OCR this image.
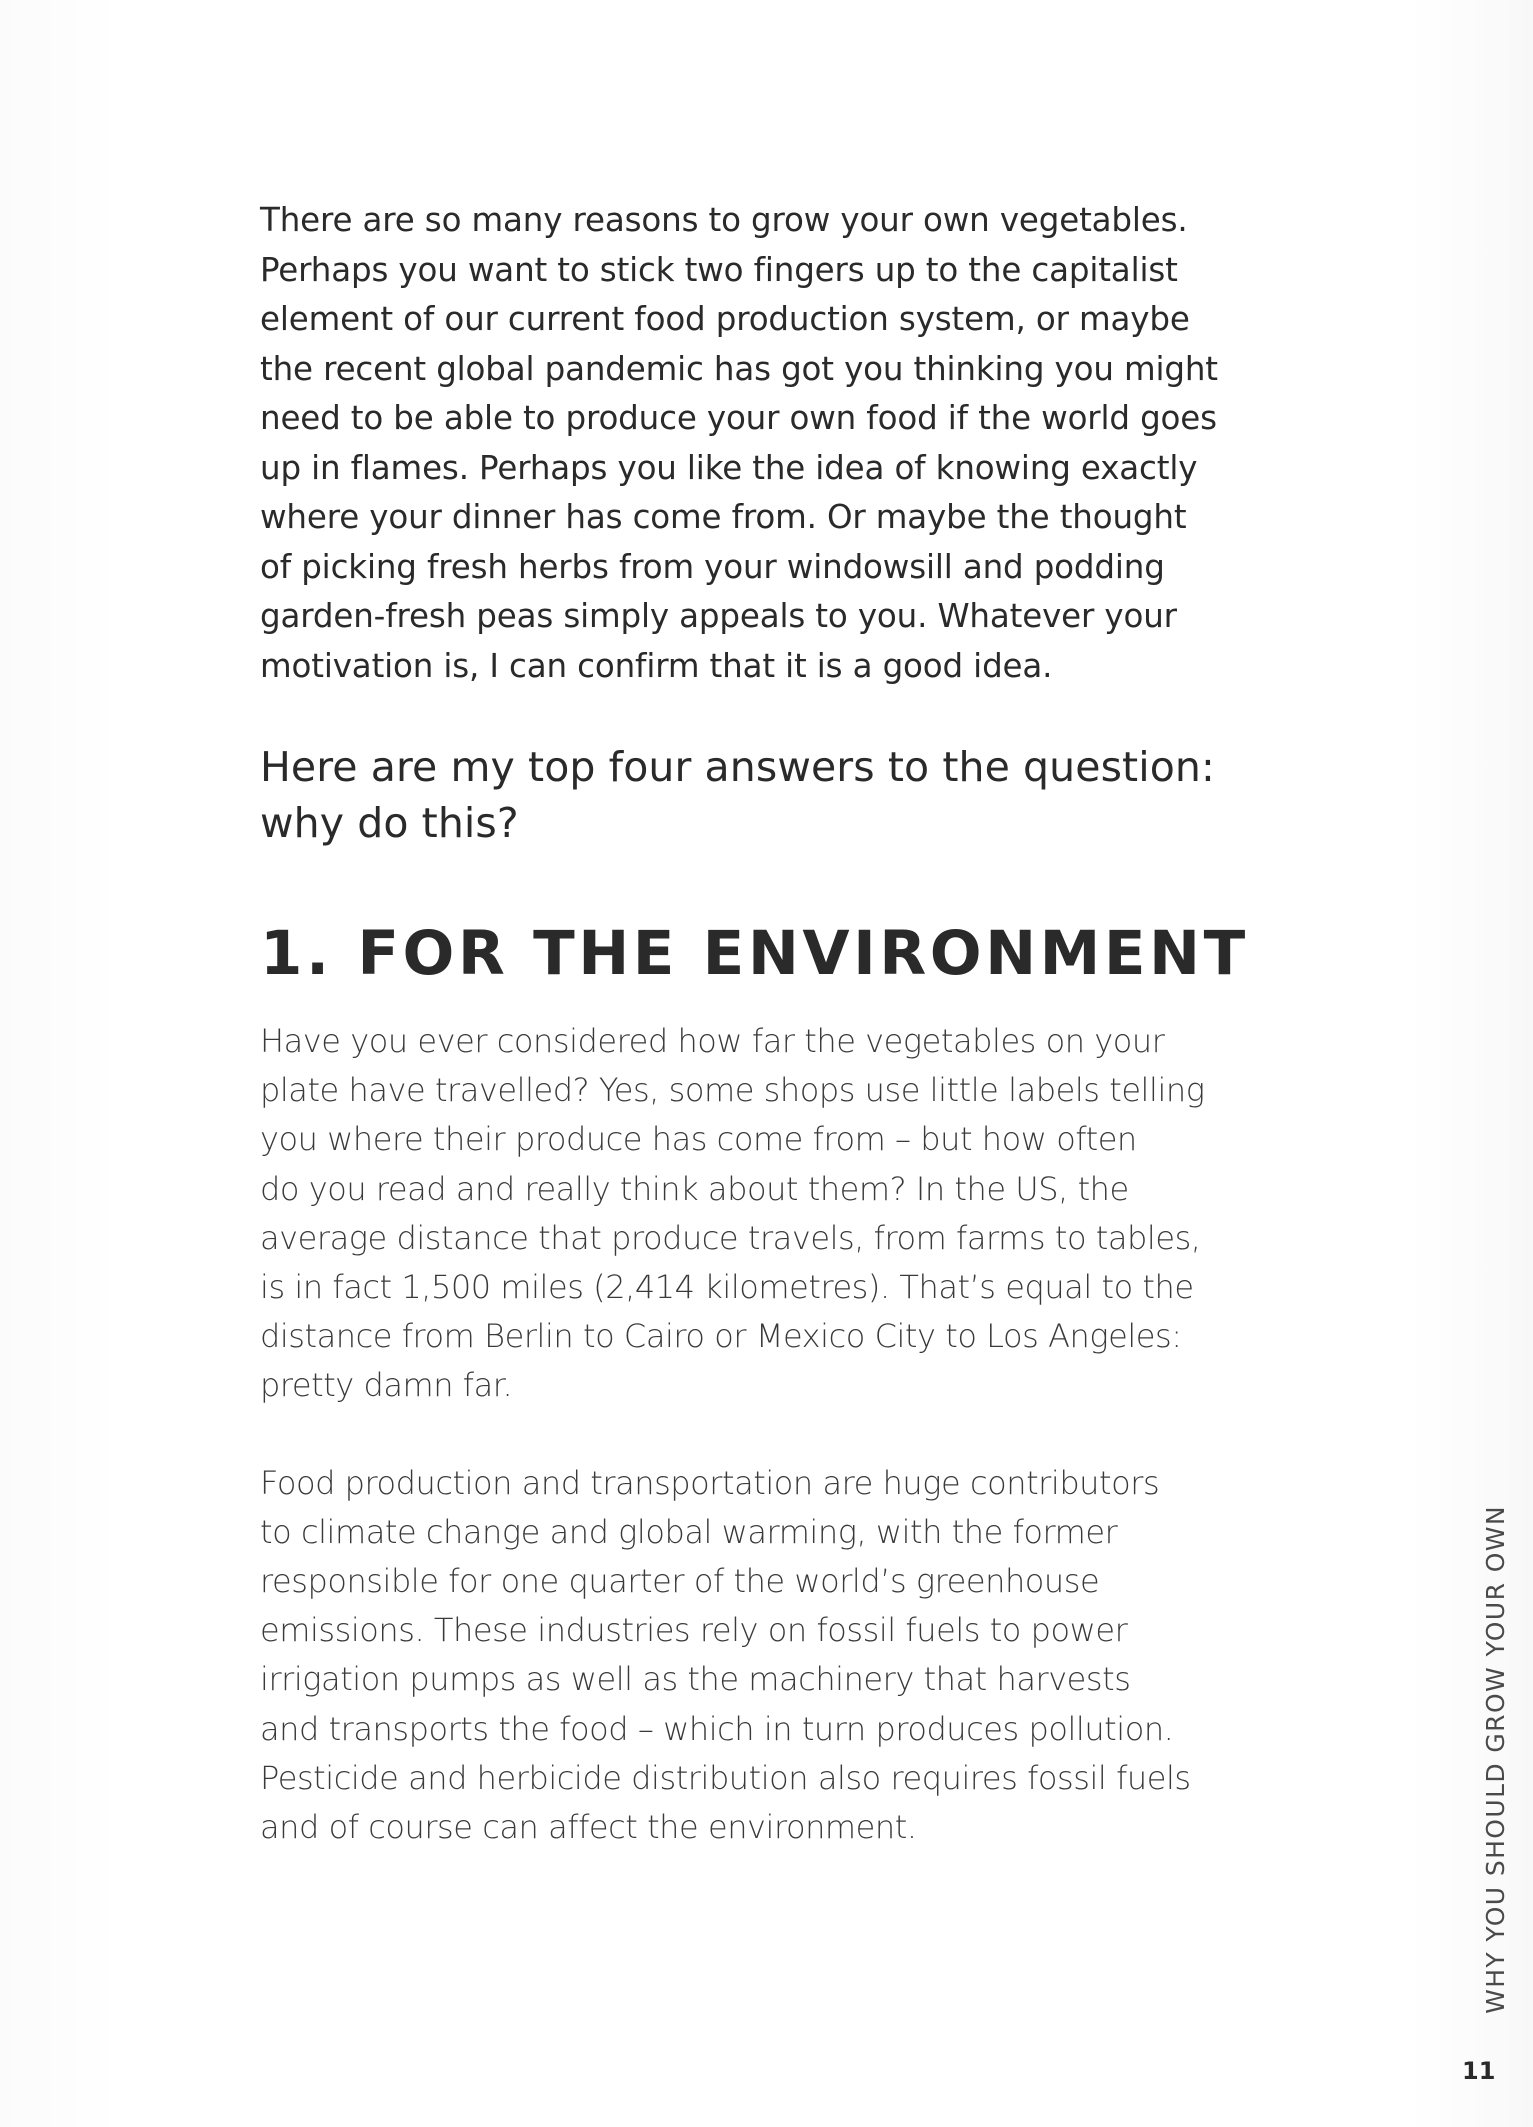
There are so many reasons to grow your own vegetables.
Perhaps you want to stick two fingers up to the capitalist
element of our current food production system, or maybe
the recent global pandemic has got you thinking you might
need to be able to produce your own food if the world goes
up in flames. Perhaps you like the idea of knowing exactly
where your dinner has come from. Or maybe the thought
of picking fresh herbs from your windowsill and podding
garden-fresh peas simply appeals to you. Whatever your
motivation is, I can confirm that it is a good idea.

Here are my top four answers to the question:
why do this?
1. FOR THE ENVIRONMENT
Have you ever considered how far the vegetables on your
plate have travelled? Yes, some shops use little labels telling
you where their produce has come from – but how often
do you read and really think about them? In the US, the
average distance that produce travels, from farms to tables,
is in fact 1,500 miles (2,414 kilometres). That’s equal to the
distance from Berlin to Cairo or Mexico City to Los Angeles:
pretty damn far.
Food production and transportation are huge contributors
to climate change and global warming, with the former
responsible for one quarter of the world’s greenhouse
emissions. These industries rely on fossil fuels to power
irrigation pumps as well as the machinery that harvests
and transports the food – which in turn produces pollution.
Pesticide and herbicide distribution also requires fossil fuels
and of course can affect the environment.	WHY YOU SHOULD GROW YOUR OWN
11
